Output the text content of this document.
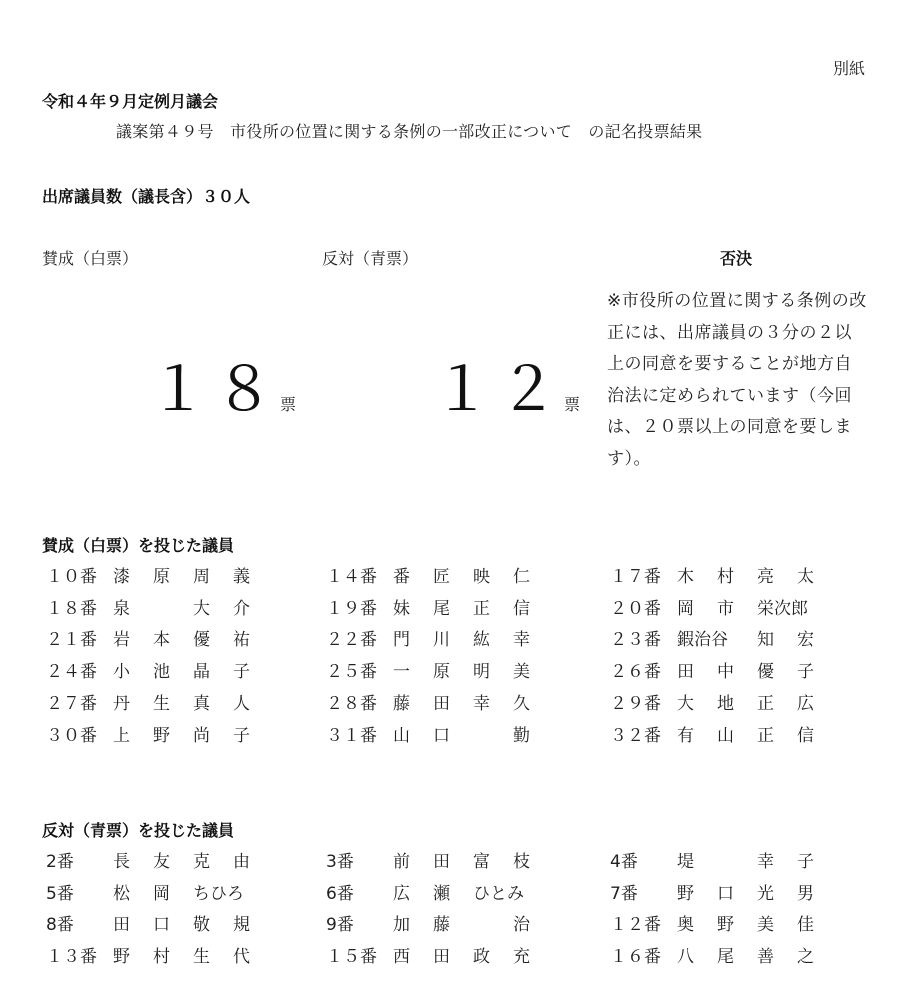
別紙
令和４年９月定例月議会
議案第４９号　市役所の位置に関する条例の一部改正について　の記名投票結果
出席議員数（議長含）３０人
賛成（白票）	反対（青票）	否決
１８票 １２票
※市役所の位置に関する条例の改正には、出席議員の３分の２以上の同意を要することが地方自治法に定められています（今回は、２０票以上の同意を要します）。
賛成（白票）を投じた議員
１０番 漆	原	周	義	１４番 番	匠	映	仁	１７番 木	村	亮	太
１８番 泉	大	介	１９番 妹	尾	正	信	２０番 岡	市	栄次郎
２１番 岩	本	優	祐	２２番 門	川	紘	幸	２３番 鍜治谷	知	宏
２４番 小	池	晶	子	２５番 一	原	明	美	２６番 田	中	優	子
２７番 丹	生	真	人	２８番 藤	田	幸	久	２９番 大	地	正	広
３０番 上	野	尚	子	３１番 山	口	勤	３２番 有	山	正	信
反対（青票）を投じた議員
2番	長	友	克	由	3番	前	田	富	枝	4番	堤	幸	子
5番	松	岡	ちひろ	6番	広	瀬	ひとみ	7番	野	口	光	男
8番	田	口	敬	規	9番	加	藤	治	１２番 奥	野	美	佳
１３番 野	村	生	代	１５番 西	田	政	充	１６番 八	尾	善	之
